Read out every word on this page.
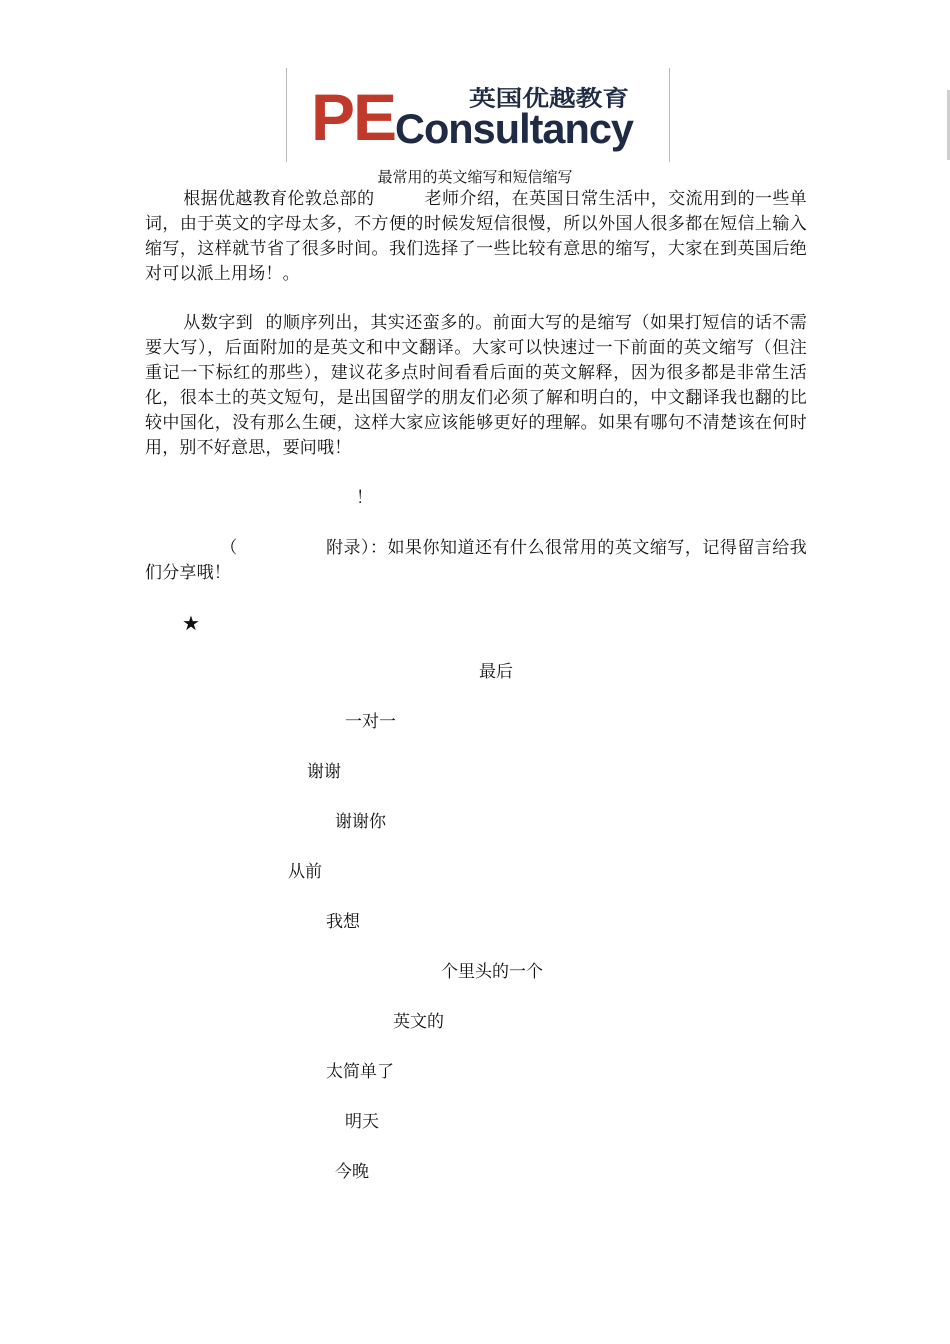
PE Consultancy
英国优越教育
最常用的英文缩写和短信缩写

根据优越教育伦敦总部的	老师介绍，在英国日常生活中，交流用到的一些单词，由于英文的字母太多，不方便的时候发短信很慢，所以外国人很多都在短信上输入缩写，这样就节省了很多时间。我们选择了一些比较有意思的缩写，大家在到英国后绝对可以派上用场！。

从数字到 的顺序列出，其实还蛮多的。前面大写的是缩写（如果打短信的话不需要大写），后面附加的是英文和中文翻译。大家可以快速过一下前面的英文缩写（但注重记一下标红的那些），建议花多点时间看看后面的英文解释，因为很多都是非常生活化，很本土的英文短句，是出国留学的朋友们必须了解和明白的，中文翻译我也翻的比较中国化，没有那么生硬，这样大家应该能够更好的理解。如果有哪句不清楚该在何时用，别不好意思，要问哦！

！

（	附录）：如果你知道还有什么很常用的英文缩写，记得留言给我们分享哦！

★
最后
一对一
谢谢
谢谢你
从前
我想
个里头的一个
英文的
太简单了
明天
今晚
